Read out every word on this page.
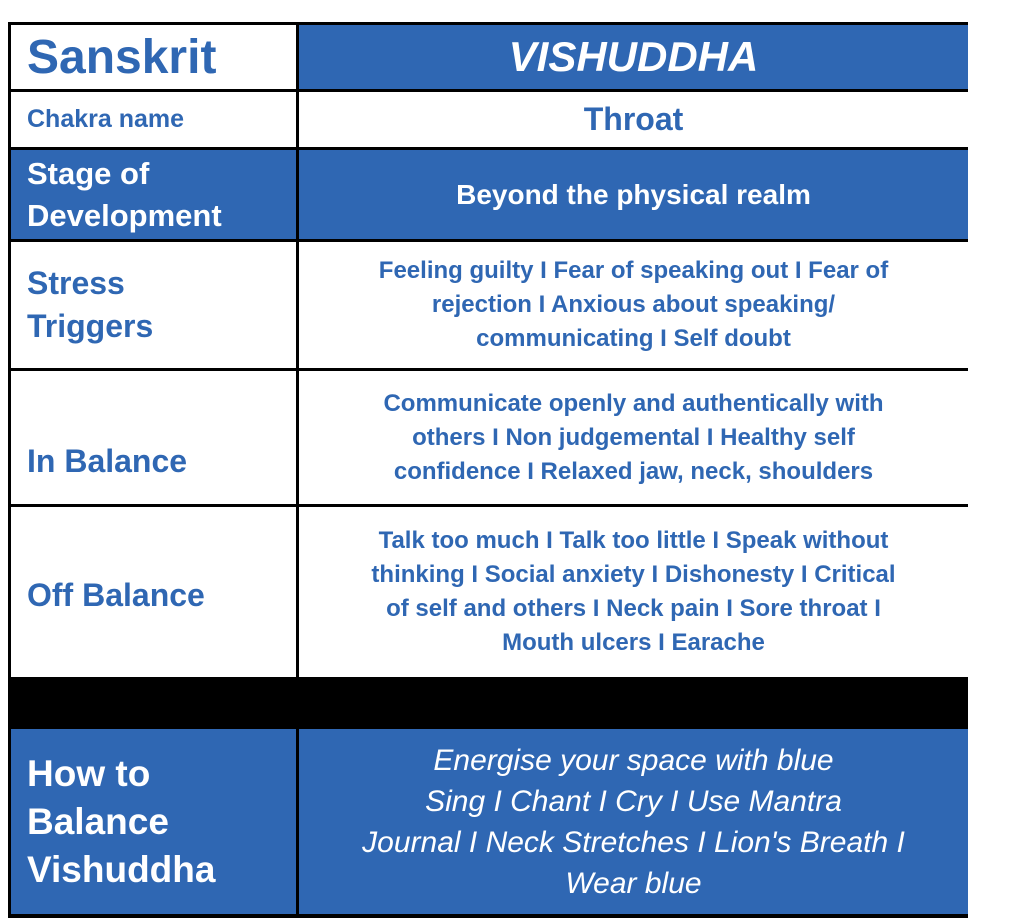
Sanskrit	VISHUDDHA
Chakra name	Throat
Stage of
Development
Beyond the physical realm
Stress
Triggers
Feeling guilty I Fear of speaking out I Fear of
rejection I Anxious about speaking/
communicating I Self doubt
In Balance
Communicate openly and authentically with
others I Non judgemental I Healthy self
confidence I Relaxed jaw, neck, shoulders
Off Balance
Talk too much I Talk too little I Speak without
thinking I Social anxiety I Dishonesty I Critical
of self and others I Neck pain I Sore throat I
Mouth ulcers I Earache
How to
Balance
Vishuddha
Energise your space with blue
Sing I Chant I Cry I Use Mantra
Journal I Neck Stretches I Lion's Breath I
Wear blue
